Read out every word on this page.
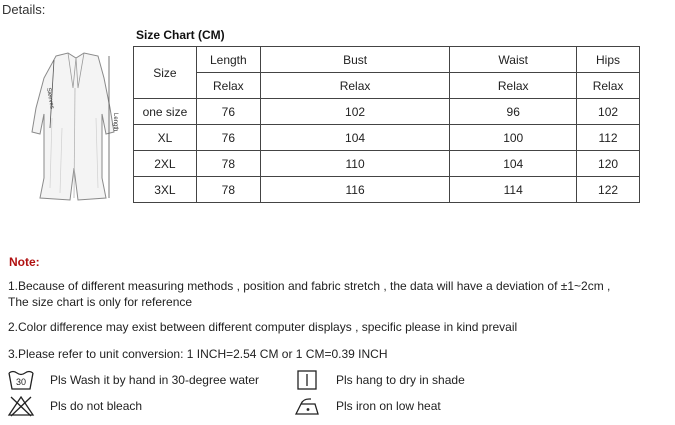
Details:
Size Chart (CM)
Sleeves
Length
Size	Length	Bust	Waist	Hips
	Relax	Relax	Relax	Relax
one size	76	102	96	102
XL	76	104	100	112
2XL	78	110	104	120
3XL	78	116	114	122
Note:
1.Because of different measuring methods , position and fabric stretch , the data will have a deviation of ±1~2cm ,
The size chart is only for reference
2.Color difference may exist between different computer displays , specific please in kind prevail
3.Please refer to unit conversion: 1 INCH=2.54 CM or 1 CM=0.39 INCH
30 Pls Wash it by hand in 30-degree water
Pls do not bleach
Pls hang to dry in shade
Pls iron on low heat
